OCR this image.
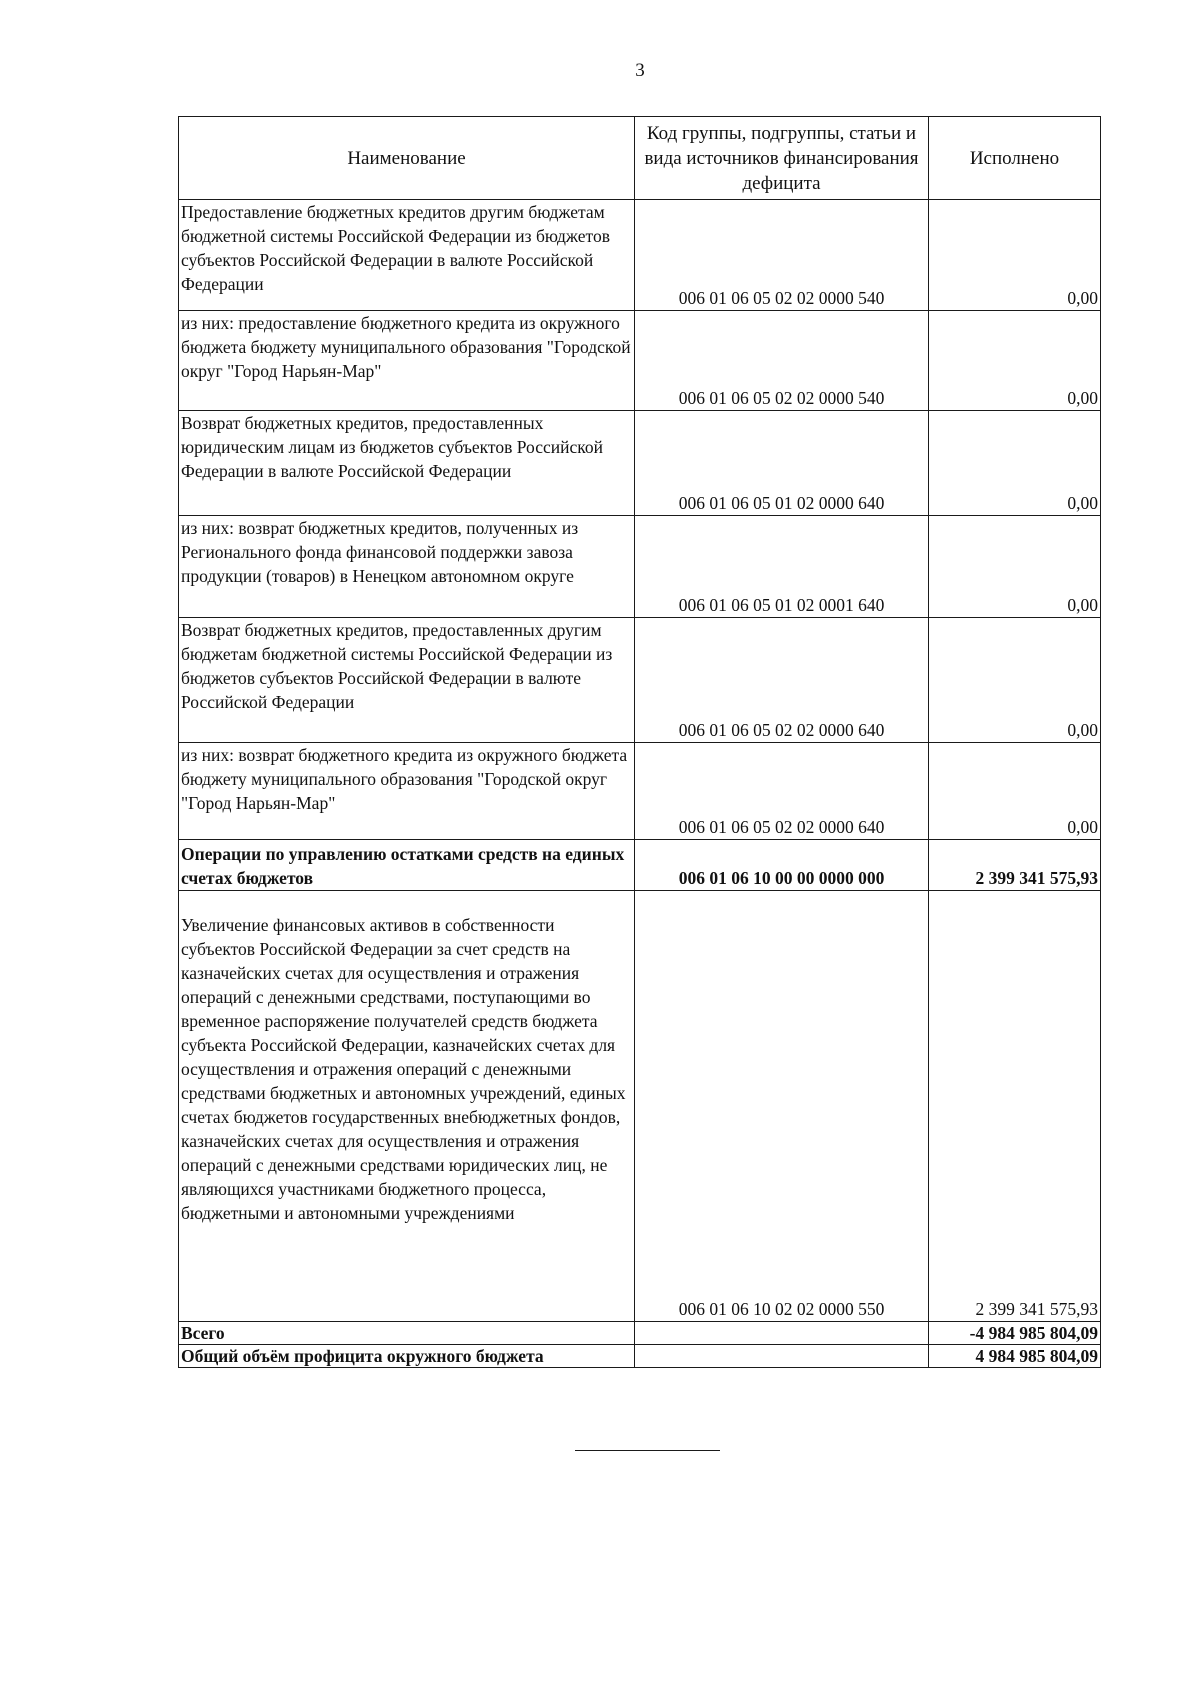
3
Наименование	Код группы, подгруппы, статьи и вида источников финансирования дефицита	Исполнено
Предоставление бюджетных кредитов другим бюджетам бюджетной системы Российской Федерации из бюджетов субъектов Российской Федерации в валюте Российской Федерации	006 01 06 05 02 02 0000 540	0,00
из них: предоставление бюджетного кредита из окружного бюджета бюджету муниципального образования "Городской округ "Город Нарьян-Мар"	006 01 06 05 02 02 0000 540	0,00
Возврат бюджетных кредитов, предоставленных юридическим лицам из бюджетов субъектов Российской Федерации в валюте Российской Федерации	006 01 06 05 01 02 0000 640	0,00
из них: возврат бюджетных кредитов, полученных из Регионального фонда финансовой поддержки завоза продукции (товаров) в Ненецком автономном округе	006 01 06 05 01 02 0001 640	0,00
Возврат бюджетных кредитов, предоставленных другим бюджетам бюджетной системы Российской Федерации из бюджетов субъектов Российской Федерации в валюте Российской Федерации	006 01 06 05 02 02 0000 640	0,00
из них: возврат бюджетного кредита из окружного бюджета бюджету муниципального образования "Городской округ "Город Нарьян-Мар"	006 01 06 05 02 02 0000 640	0,00
Операции по управлению остатками средств на единых счетах бюджетов	006 01 06 10 00 00 0000 000	2 399 341 575,93
Увеличение финансовых активов в собственности субъектов Российской Федерации за счет средств на казначейских счетах для осуществления и отражения операций с денежными средствами, поступающими во временное распоряжение получателей средств бюджета субъекта Российской Федерации, казначейских счетах для осуществления и отражения операций с денежными средствами бюджетных и автономных учреждений, единых счетах бюджетов государственных внебюджетных фондов, казначейских счетах для осуществления и отражения операций с денежными средствами юридических лиц, не являющихся участниками бюджетного процесса, бюджетными и автономными учреждениями	006 01 06 10 02 02 0000 550	2 399 341 575,93
Всего		-4 984 985 804,09
Общий объём профицита окружного бюджета		4 984 985 804,09
